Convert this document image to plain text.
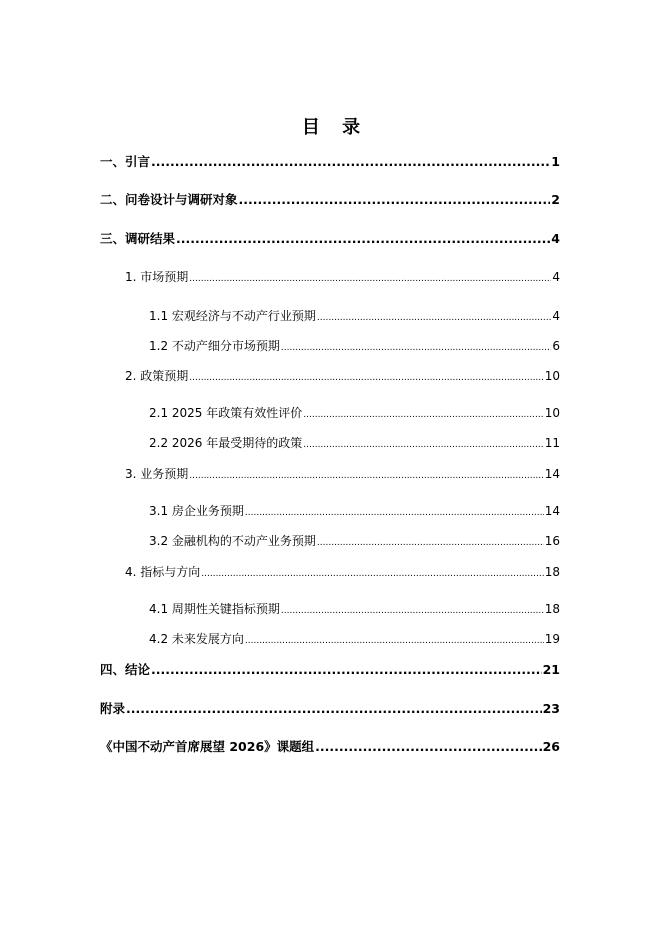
目 录
一、引言 .....	1
二、问卷设计与调研对象 .....	2
三、调研结果 .....	4
1. 市场预期 .....	4
1.1 宏观经济与不动产行业预期 .....	4
1.2 不动产细分市场预期 .....	6
2. 政策预期 .....	10
2.1 2025 年政策有效性评价 .....	10
2.2 2026 年最受期待的政策 .....	11
3. 业务预期 .....	14
3.1 房企业务预期 .....	14
3.2 金融机构的不动产业务预期 .....	16
4. 指标与方向 .....	18
4.1 周期性关键指标预期 .....	18
4.2 未来发展方向 .....	19
四、结论 .....	21
附录 .....	23
《中国不动产首席展望 2026》课题组 .....	26
